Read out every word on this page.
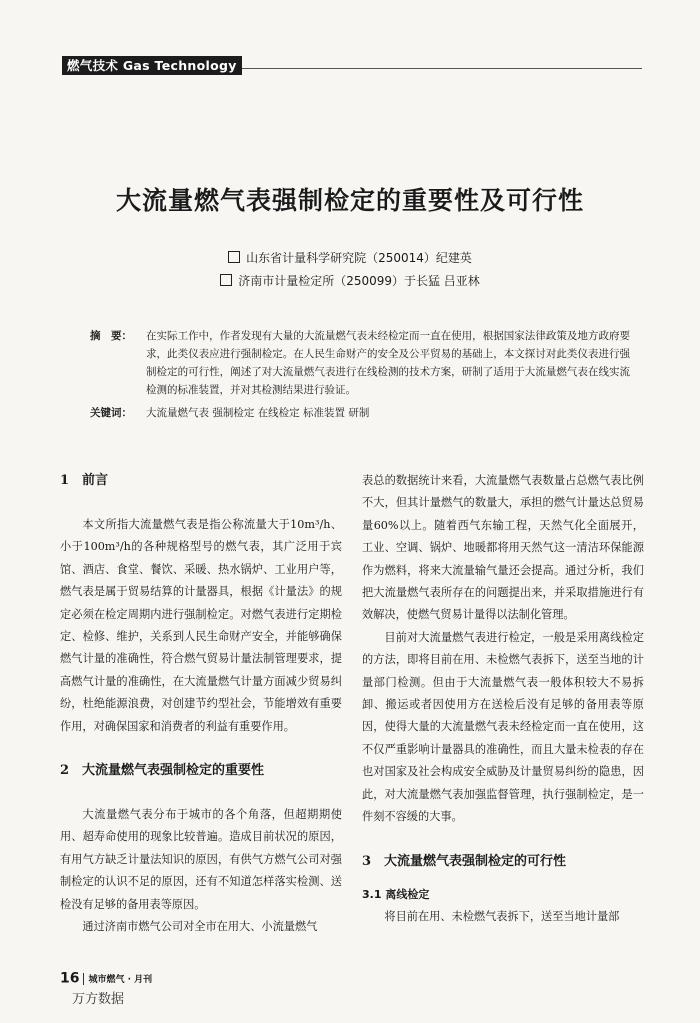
燃气技术 Gas Technology
大流量燃气表强制检定的重要性及可行性
山东省计量科学研究院（250014）纪建英
济南市计量检定所（250099）于长猛 吕亚林
摘　要： 在实际工作中，作者发现有大量的大流量燃气表未经检定而一直在使用，根据国家法律政策及地方政府要求，此类仪表应进行强制检定。在人民生命财产的安全及公平贸易的基础上，本文探讨对此类仪表进行强制检定的可行性，阐述了对大流量燃气表进行在线检测的技术方案，研制了适用于大流量燃气表在线实流检测的标准装置，并对其检测结果进行验证。
关键词： 大流量燃气表 强制检定 在线检定 标准装置 研制
1　前言

本文所指大流量燃气表是指公称流量大于10m³/h、小于100m³/h的各种规格型号的燃气表，其广泛用于宾馆、酒店、食堂、餐饮、采暖、热水锅炉、工业用户等，燃气表是属于贸易结算的计量器具，根据《计量法》的规定必须在检定周期内进行强制检定。对燃气表进行定期检定、检修、维护，关系到人民生命财产安全，并能够确保燃气计量的准确性，符合燃气贸易计量法制管理要求，提高燃气计量的准确性，在大流量燃气计量方面减少贸易纠纷，杜绝能源浪费，对创建节约型社会，节能增效有重要作用，对确保国家和消费者的利益有重要作用。

2　大流量燃气表强制检定的重要性

大流量燃气表分布于城市的各个角落，但超期期使用、超寿命使用的现象比较普遍。造成目前状况的原因，有用气方缺乏计量法知识的原因，有供气方燃气公司对强制检定的认识不足的原因，还有不知道怎样落实检测、送检没有足够的备用表等原因。

通过济南市燃气公司对全市在用大、小流量燃气

表总的数据统计来看，大流量燃气表数量占总燃气表比例不大，但其计量燃气的数量大，承担的燃气计量达总贸易量60%以上。随着西气东输工程，天然气化全面展开，工业、空调、锅炉、地暖都将用天然气这一清洁环保能源作为燃料，将来大流量输气量还会提高。通过分析，我们把大流量燃气表所存在的问题提出来，并采取措施进行有效解决，使燃气贸易计量得以法制化管理。

目前对大流量燃气表进行检定，一般是采用离线检定的方法，即将目前在用、未检燃气表拆下，送至当地的计量部门检测。但由于大流量燃气表一般体积较大不易拆卸、搬运或者因使用方在送检后没有足够的备用表等原因，使得大量的大流量燃气表未经检定而一直在使用，这不仅严重影响计量器具的准确性，而且大量未检表的存在也对国家及社会构成安全威胁及计量贸易纠纷的隐患，因此，对大流量燃气表加强监督管理，执行强制检定，是一件刻不容缓的大事。

3　大流量燃气表强制检定的可行性
3.1 离线检定

将目前在用、未检燃气表拆下，送至当地计量部

16 城市燃气 · 月刊
万方数据
